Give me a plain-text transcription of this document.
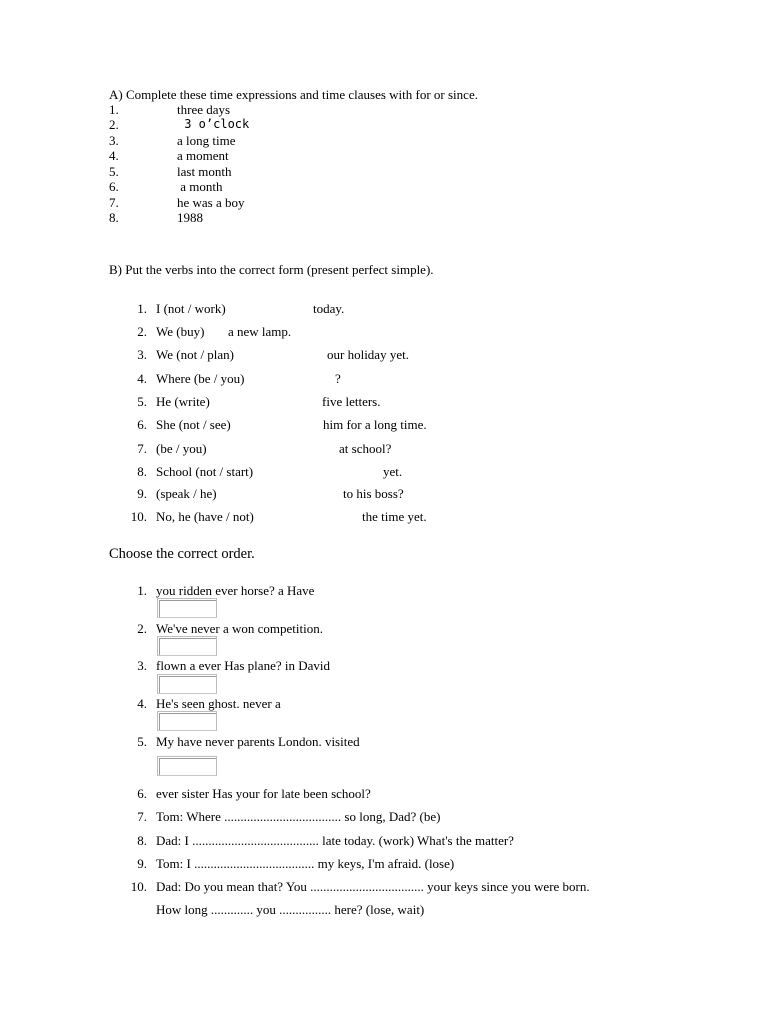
A) Complete these time expressions and time clauses with for or since.
1.	three days
2.	3 o’clock
3.	a long time
4.	a moment
5.	last month
6.	a month
7.	he was a boy
8.	1988
B) Put the verbs into the correct form (present perfect simple).
1. I (not / work)	today.
2. We (buy) a new lamp.
3. We (not / plan)	our holiday yet.
4. Where (be / you)	?
5. He (write)	five letters.
6. She (not / see)	him for a long time.
7. (be / you)	at school?
8. School (not / start)	yet.
9. (speak / he)	to his boss?
10. No, he (have / not)	the time yet.
Choose the correct order.
1. you ridden ever horse? a Have
2. We've never a won competition.
3. flown a ever Has plane? in David
4. He's seen ghost. never a
5. My have never parents London. visited
6. ever sister Has your for late been school?
7. Tom: Where .................................... so long, Dad? (be)
8. Dad: I ....................................... late today. (work) What's the matter?
9. Tom: I ..................................... my keys, I'm afraid. (lose)
10. Dad: Do you mean that? You ................................... your keys since you were born.
How long ............. you ................ here? (lose, wait)
